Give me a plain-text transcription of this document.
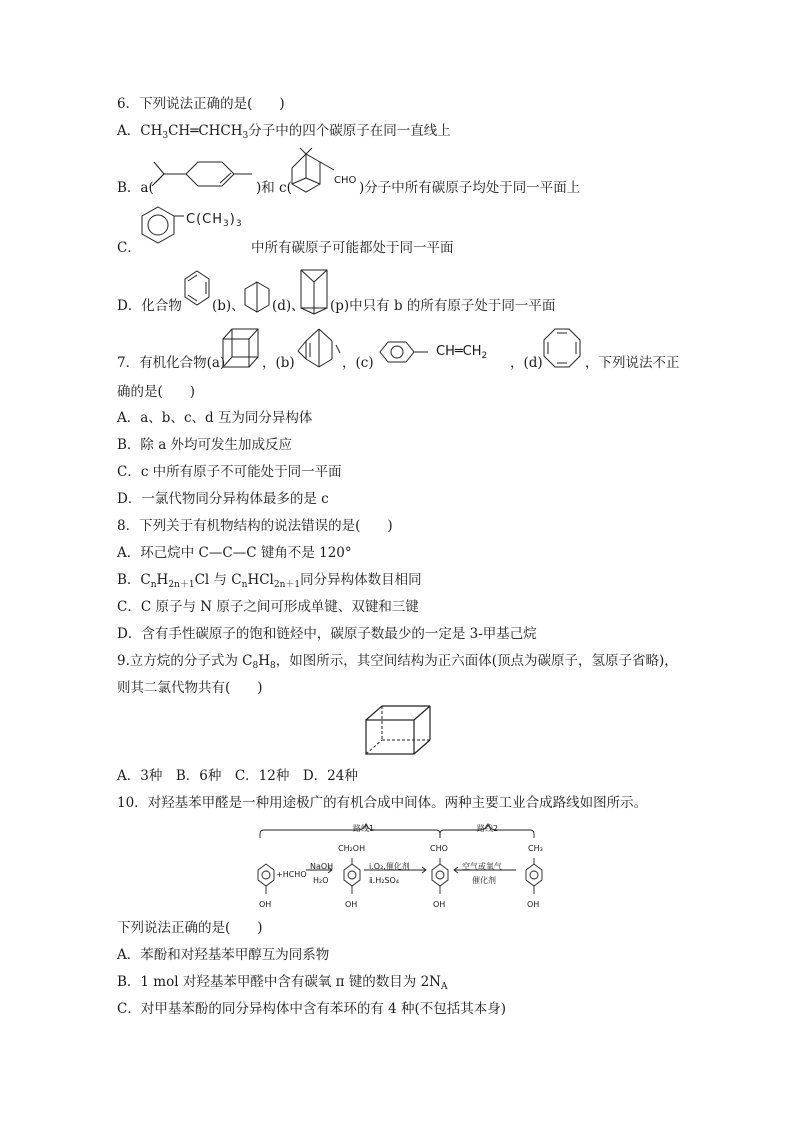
6．下列说法正确的是(　　)
A．$CH_3CH═CHCH_3$分子中的四个碳原子在同一直线上
B．a(	)和 c(	CHO )分子中所有碳原子均处于同一平面上
C．
$C(CH_3)_3$
中所有碳原子可能都处于同一平面
D．化合物 (b)、 (d)、 (p)中只有 b 的所有原子处于同一平面
7．有机化合物(a)	，(b)	，(c)
$CH═CH_2$ ，(d)	，下列说法不正
确的是(　　)
A．a、b、c、d 互为同分异构体
B．除 a 外均可发生加成反应
C．c 中所有原子不可能处于同一平面
D．一氯代物同分异构体最多的是 c
8．下列关于有机物结构的说法错误的是(　　)
A．环己烷中 C—C—C 键角不是 120°
B．$C_nH_{2n+1}Cl$ 与 $C_nHCl_{2n+1}$同分异构体数目相同
C．C 原子与 N 原子之间可形成单键、双键和三键
D．含有手性碳原子的饱和链烃中，碳原子数最少的一定是 3-甲基己烷
9.立方烷的分子式为 $C_8H_8$，如图所示，其空间结构为正六面体(顶点为碳原子，氢原子省略)，
则其二氯代物共有(　　)
A．3种　B．6种　C．12种　D．24种
10．对羟基苯甲醛是一种用途极广的有机合成中间体。两种主要工业合成路线如图所示。
路线1	路线2
+HCHO
NaOH
H₂O
CH₂OH
ⅰ.O₂,催化剂
ⅱ.H₂SO₄
CHO
空气或氧气
催化剂
CH₃
OH	OH	OH	OH
下列说法正确的是(　　)
A．苯酚和对羟基苯甲醇互为同系物
B．1 mol 对羟基苯甲醛中含有碳氧 π 键的数目为 $2N_A$
C．对甲基苯酚的同分异构体中含有苯环的有 4 种(不包括其本身)
